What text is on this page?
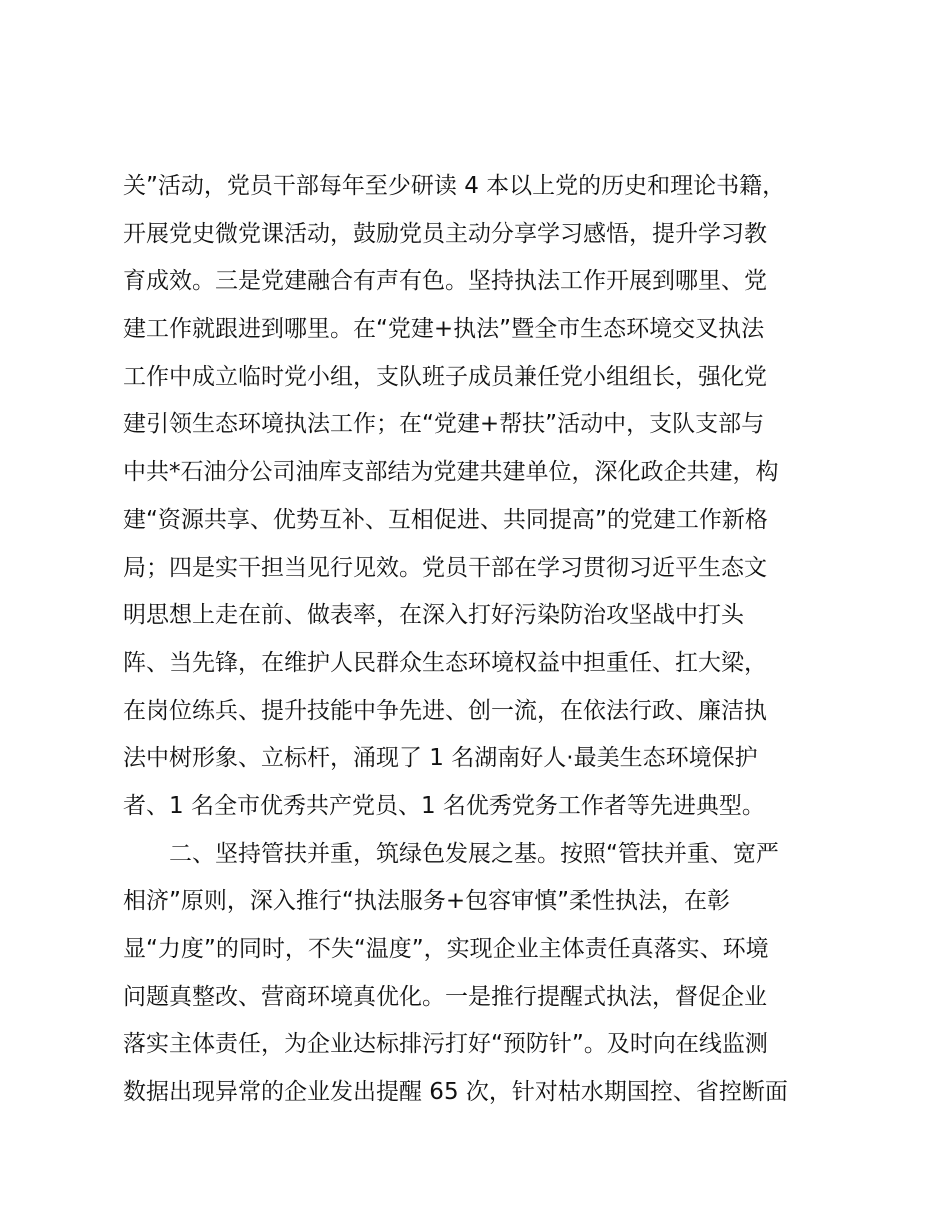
关”活动，党员干部每年至少研读 4 本以上党的历史和理论书籍，
开展党史微党课活动，鼓励党员主动分享学习感悟，提升学习教
育成效。三是党建融合有声有色。坚持执法工作开展到哪里、党
建工作就跟进到哪里。在“党建+执法”暨全市生态环境交叉执法
工作中成立临时党小组，支队班子成员兼任党小组组长，强化党
建引领生态环境执法工作；在“党建+帮扶”活动中，支队支部与
中共*石油分公司油库支部结为党建共建单位，深化政企共建，构
建“资源共享、优势互补、互相促进、共同提高”的党建工作新格
局；四是实干担当见行见效。党员干部在学习贯彻习近平生态文
明思想上走在前、做表率，在深入打好污染防治攻坚战中打头
阵、当先锋，在维护人民群众生态环境权益中担重任、扛大梁，
在岗位练兵、提升技能中争先进、创一流，在依法行政、廉洁执
法中树形象、立标杆，涌现了 1 名湖南好人·最美生态环境保护
者、1 名全市优秀共产党员、1 名优秀党务工作者等先进典型。
　　二、坚持管扶并重，筑绿色发展之基。按照“管扶并重、宽严
相济”原则，深入推行“执法服务+包容审慎”柔性执法，在彰
显“力度”的同时，不失“温度”，实现企业主体责任真落实、环境
问题真整改、营商环境真优化。一是推行提醒式执法，督促企业
落实主体责任，为企业达标排污打好“预防针”。及时向在线监测
数据出现异常的企业发出提醒 65 次，针对枯水期国控、省控断面
